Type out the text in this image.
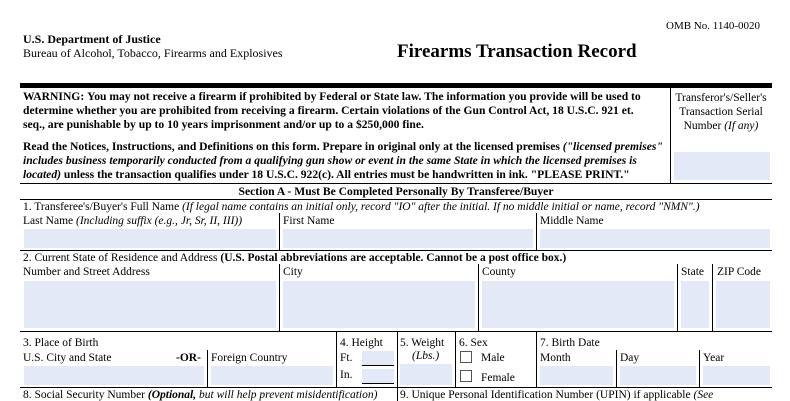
OMB No. 1140-0020
U.S. Department of Justice
Bureau of Alcohol, Tobacco, Firearms and Explosives	Firearms Transaction Record
WARNING: You may not receive a firearm if prohibited by Federal or State law. The information you provide will be used to
determine whether you are prohibited from receiving a firearm. Certain violations of the Gun Control Act, 18 U.S.C. 921 et.
seq., are punishable by up to 10 years imprisonment and/or up to a $250,000 fine.
Read the Notices, Instructions, and Definitions on this form. Prepare in original only at the licensed premises ("licensed premises"
includes business temporarily conducted from a qualifying gun show or event in the same State in which the licensed premises is
located) unless the transaction qualifies under 18 U.S.C. 922(c). All entries must be handwritten in ink. "PLEASE PRINT."
Transferor's/Seller's
Transaction Serial
Number (If any)
Section A - Must Be Completed Personally By Transferee/Buyer
1. Transferee's/Buyer's Full Name (If legal name contains an initial only, record "IO" after the initial. If no middle initial or name, record "NMN".)
Last Name (Including suffix (e.g., Jr, Sr, II, III))	First Name	Middle Name
2. Current State of Residence and Address (U.S. Postal abbreviations are acceptable. Cannot be a post office box.)
Number and Street Address	City	County	State ZIP Code
3. Place of Birth
U.S. City and State	-OR- Foreign Country
4. Height
Ft.
In.
5. Weight
(Lbs.)
6. Sex
Male
Female
7. Birth Date
Month	Day	Year
8. Social Security Number (Optional, but will help prevent misidentification) 9. Unique Personal Identification Number (UPIN) if applicable (See
